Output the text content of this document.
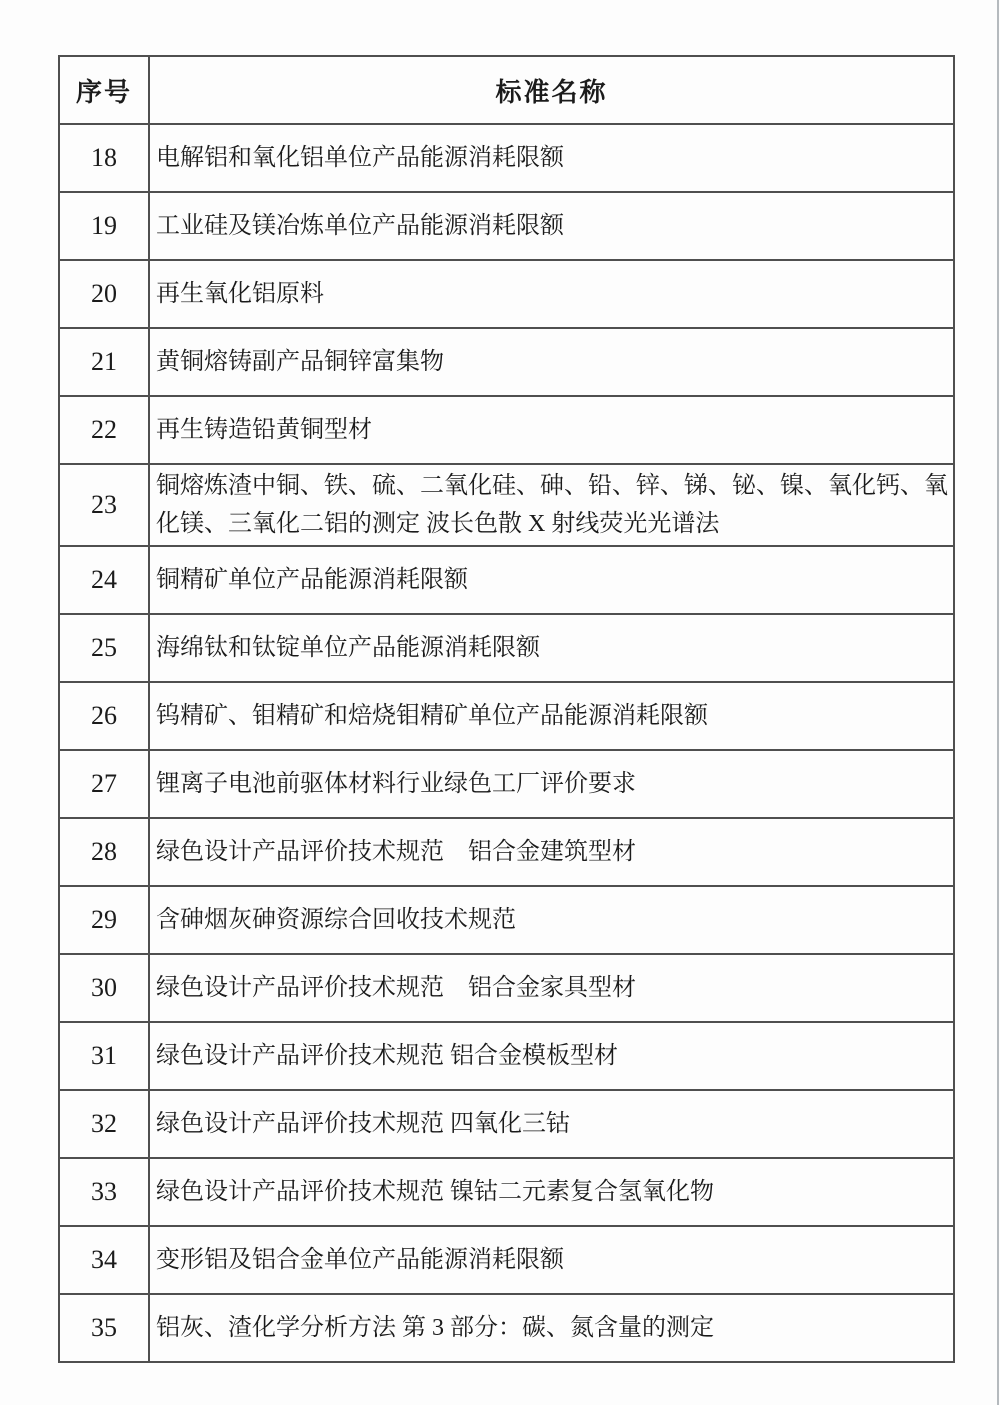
序号	标准名称
18	电解铝和氧化铝单位产品能源消耗限额
19	工业硅及镁冶炼单位产品能源消耗限额
20	再生氧化铝原料
21	黄铜熔铸副产品铜锌富集物
22	再生铸造铅黄铜型材
23	铜熔炼渣中铜、铁、硫、二氧化硅、砷、铅、锌、锑、铋、镍、氧化钙、氧化镁、三氧化二铝的测定 波长色散 X 射线荧光光谱法
24	铜精矿单位产品能源消耗限额
25	海绵钛和钛锭单位产品能源消耗限额
26	钨精矿、钼精矿和焙烧钼精矿单位产品能源消耗限额
27	锂离子电池前驱体材料行业绿色工厂评价要求
28	绿色设计产品评价技术规范　铝合金建筑型材
29	含砷烟灰砷资源综合回收技术规范
30	绿色设计产品评价技术规范　铝合金家具型材
31	绿色设计产品评价技术规范 铝合金模板型材
32	绿色设计产品评价技术规范 四氧化三钴
33	绿色设计产品评价技术规范 镍钴二元素复合氢氧化物
34	变形铝及铝合金单位产品能源消耗限额
35	铝灰、渣化学分析方法 第 3 部分：碳、氮含量的测定
